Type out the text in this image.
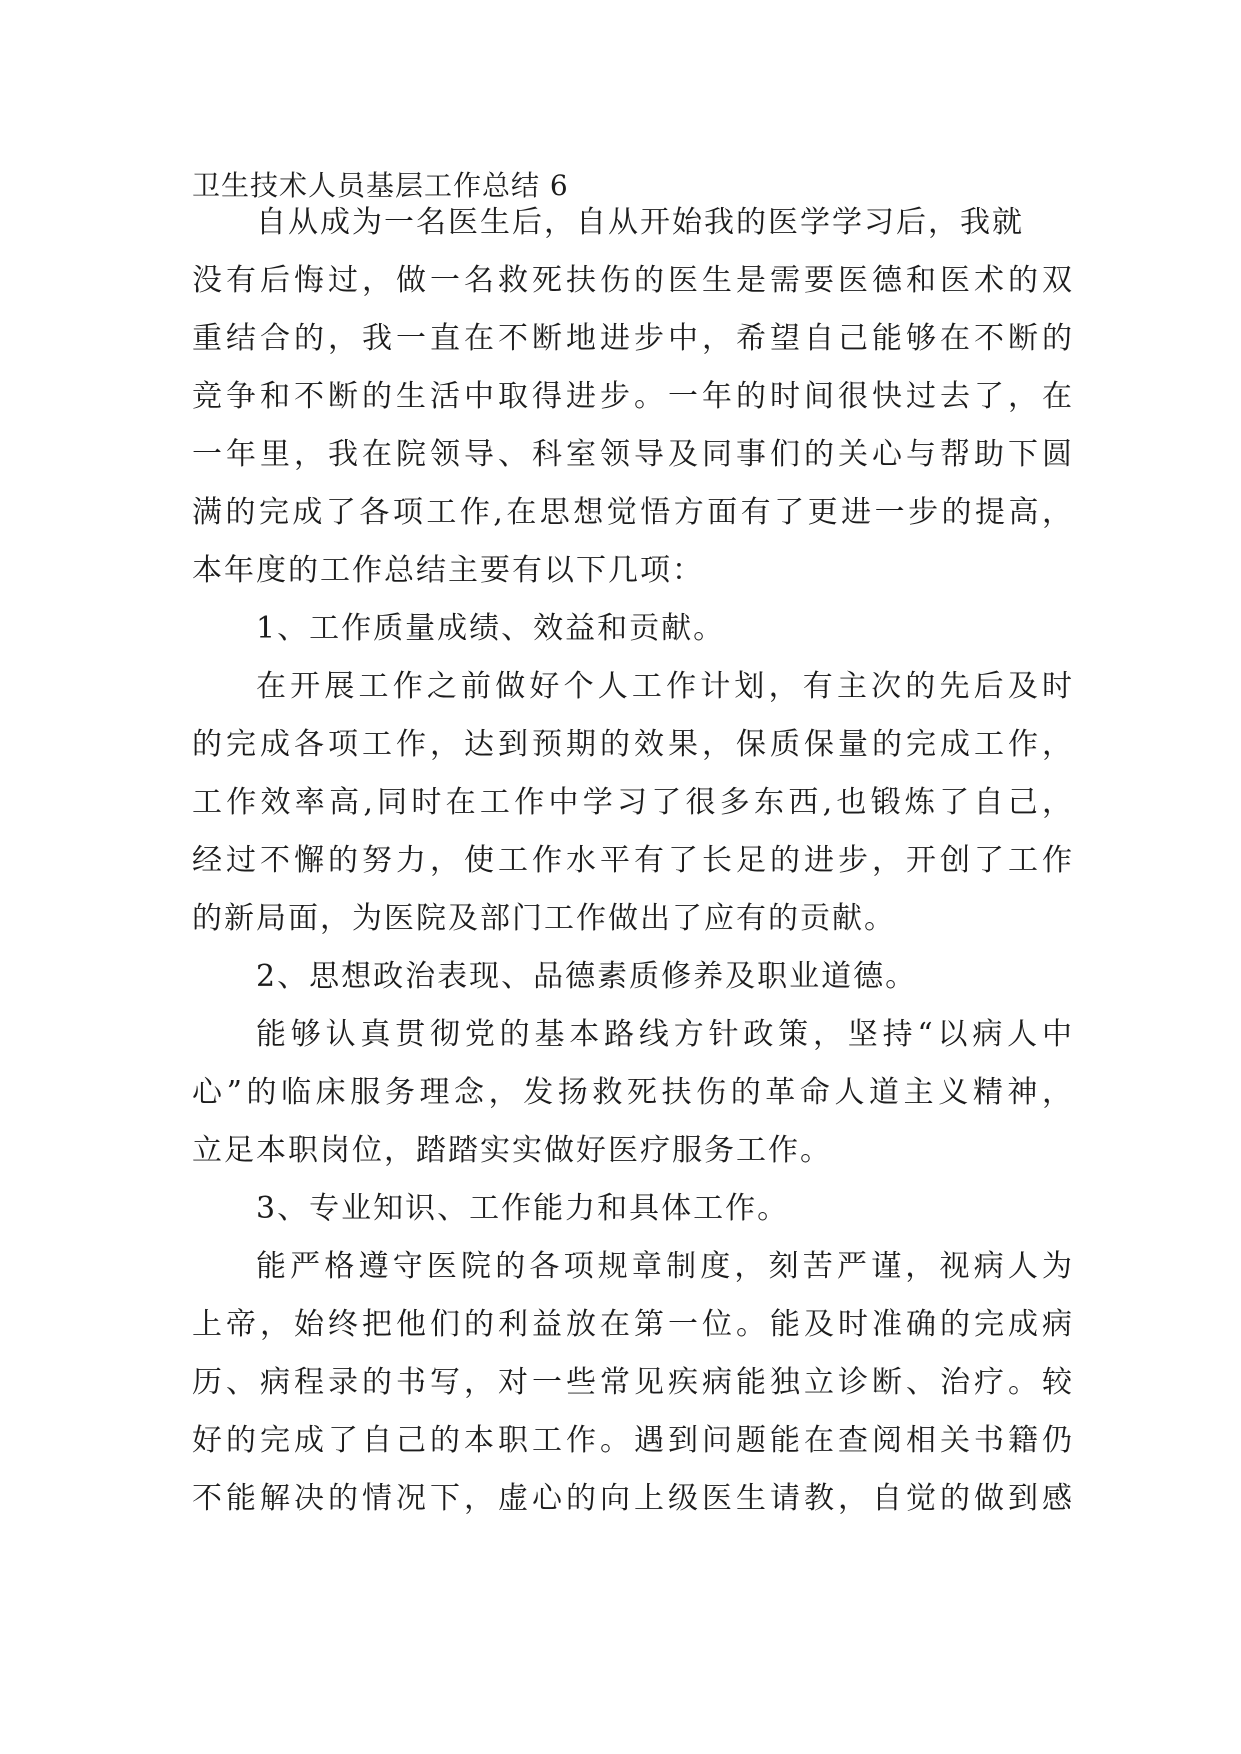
卫生技术人员基层工作总结 6
自从成为一名医生后，自从开始我的医学学习后，我就
没有后悔过，做一名救死扶伤的医生是需要医德和医术的双
重结合的，我一直在不断地进步中，希望自己能够在不断的
竞争和不断的生活中取得进步。一年的时间很快过去了，在
一年里，我在院领导、科室领导及同事们的关心与帮助下圆
满的完成了各项工作,在思想觉悟方面有了更进一步的提高，
本年度的工作总结主要有以下几项：
1、工作质量成绩、效益和贡献。
在开展工作之前做好个人工作计划，有主次的先后及时
的完成各项工作，达到预期的效果，保质保量的完成工作，
工作效率高,同时在工作中学习了很多东西,也锻炼了自己，
经过不懈的努力，使工作水平有了长足的进步，开创了工作
的新局面，为医院及部门工作做出了应有的贡献。
2、思想政治表现、品德素质修养及职业道德。
能够认真贯彻党的基本路线方针政策，坚持“以病人中
心”的临床服务理念，发扬救死扶伤的革命人道主义精神，
立足本职岗位，踏踏实实做好医疗服务工作。
3、专业知识、工作能力和具体工作。
能严格遵守医院的各项规章制度，刻苦严谨，视病人为
上帝，始终把他们的利益放在第一位。能及时准确的完成病
历、病程录的书写，对一些常见疾病能独立诊断、治疗。较
好的完成了自己的本职工作。遇到问题能在查阅相关书籍仍
不能解决的情况下，虚心的向上级医生请教，自觉的做到感
